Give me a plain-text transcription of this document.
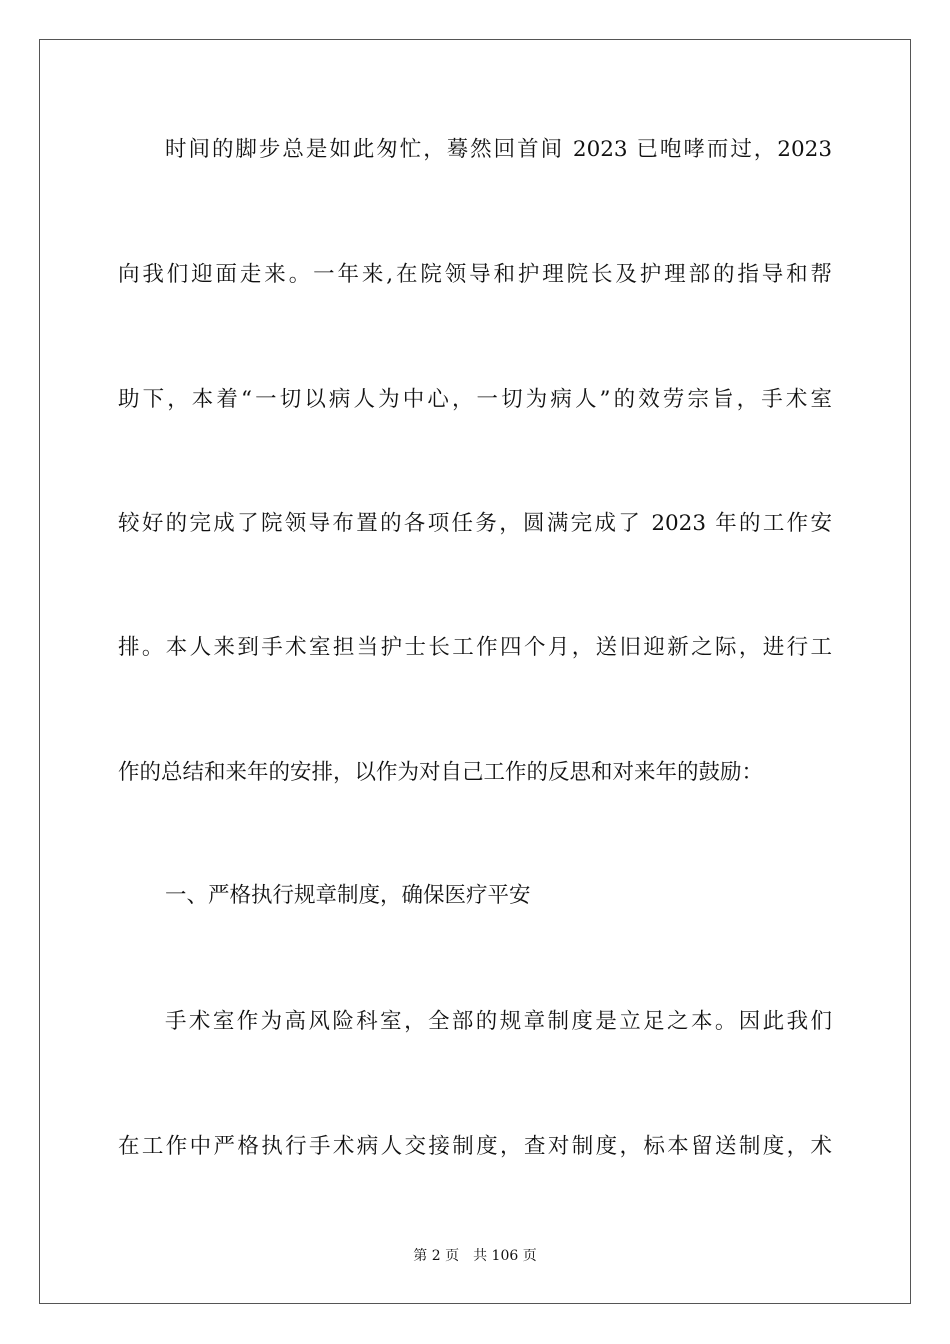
时间的脚步总是如此匆忙，蓦然回首间 2023 已咆哮而过，2023
向我们迎面走来。一年来,在院领导和护理院长及护理部的指导和帮
助下，本着“一切以病人为中心，一切为病人”的效劳宗旨，手术室
较好的完成了院领导布置的各项任务，圆满完成了 2023 年的工作安
排。本人来到手术室担当护士长工作四个月，送旧迎新之际，进行工
作的总结和来年的安排，以作为对自己工作的反思和对来年的鼓励：
一、严格执行规章制度，确保医疗平安
手术室作为高风险科室，全部的规章制度是立足之本。因此我们
在工作中严格执行手术病人交接制度，查对制度，标本留送制度，术
第 2 页 共 106 页
